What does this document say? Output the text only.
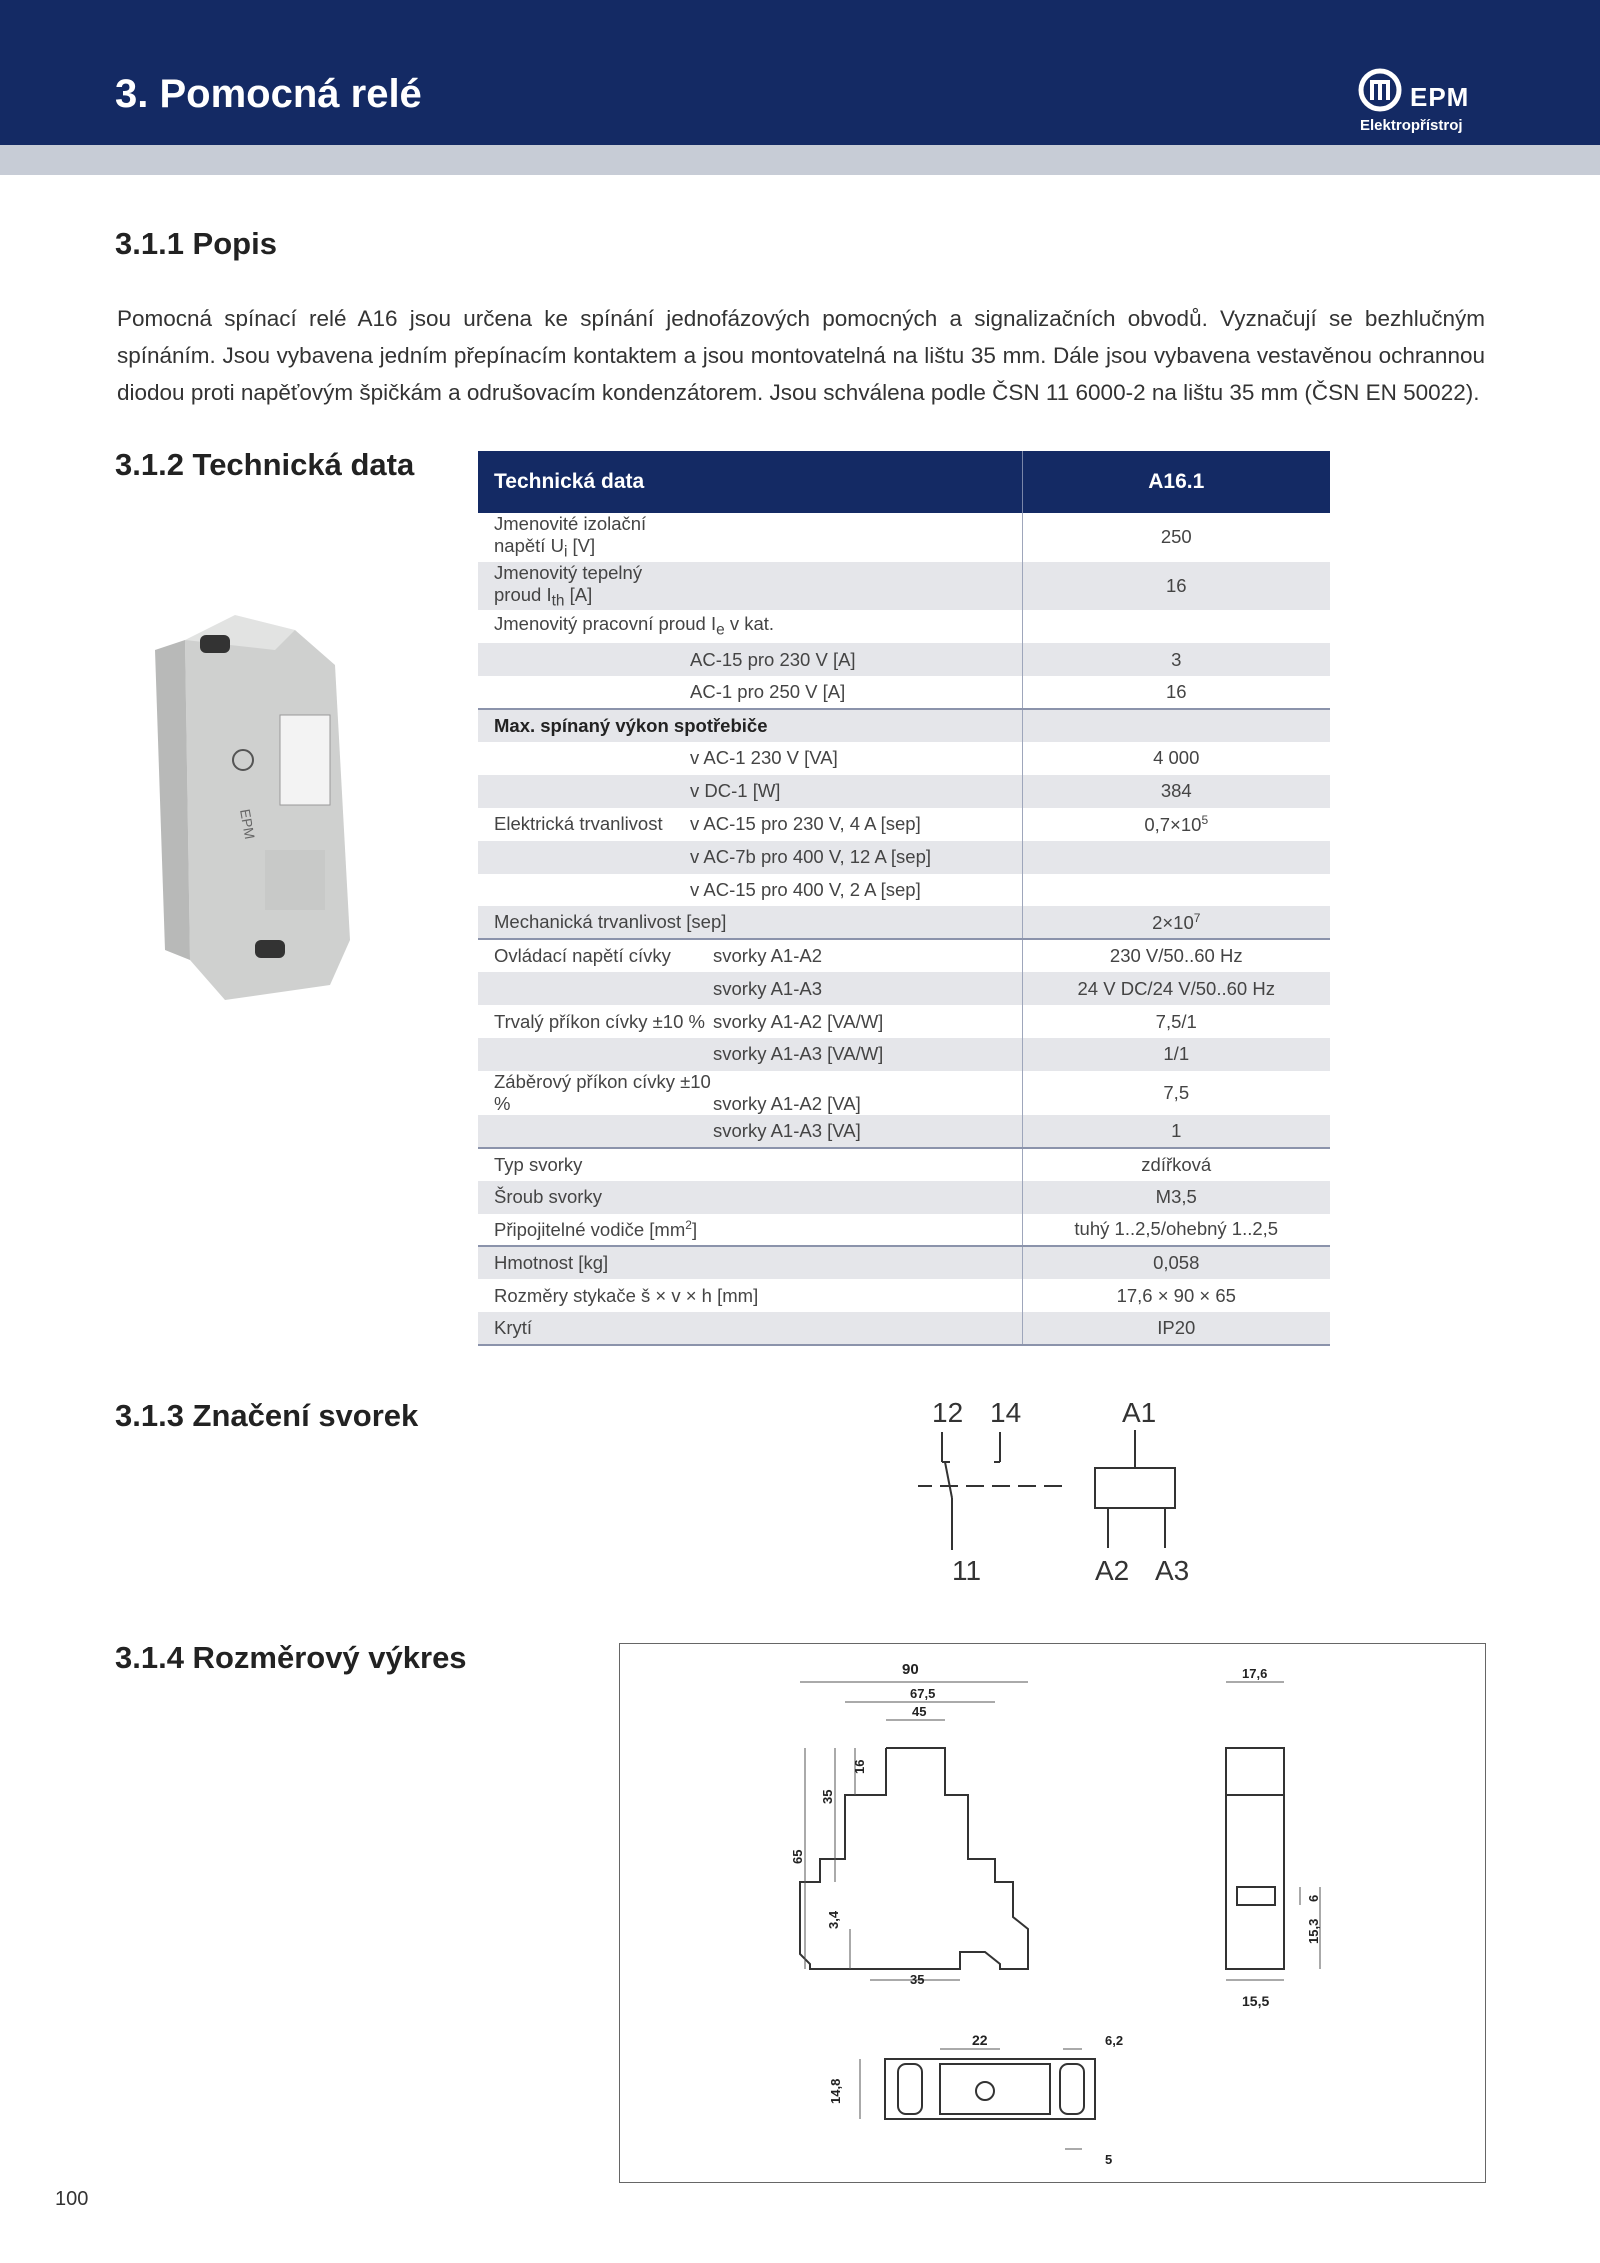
3. Pomocná relé	EPM
Elektropřístroj
3.1.1 Popis
Pomocná spínací relé A16 jsou určena ke spínání jednofázových pomocných a signalizačních obvodů. Vyznačují se bezhlučným spínáním. Jsou vybavena jedním přepínacím kontaktem a jsou montovatelná na lištu 35 mm. Dále jsou vybavena vestavěnou ochrannou diodou proti napěťovým špičkám a odrušovacím kondenzátorem. Jsou schválena podle ČSN 11 6000-2 na lištu 35 mm (ČSN EN 50022).
3.1.2 Technická data
EPM
Technická data	A16.1
Jmenovité izolační napětí $U_i$ [V]	250
Jmenovitý tepelný proud $I_{th}$ [A]	16
Jmenovitý pracovní proud $I_e$ v kat.	
AC-15 pro 230 V [A]	3
AC-1 pro 250 V [A]	16
Max. spínaný výkon spotřebiče	
v AC-1 230 V [VA]	4 000
v DC-1 [W]	384
Elektrická trvanlivost v AC-15 pro 230 V, 4 A [sep]	$0,7\times 10^5$
v AC-7b pro 400 V, 12 A [sep]	
v AC-15 pro 400 V, 2 A [sep]	
Mechanická trvanlivost [sep]	$2\times 10^7$
Ovládací napětí cívky svorky A1-A2	230 V/50..60 Hz
svorky A1-A3	24 V DC/24 V/50..60 Hz
Trvalý příkon cívky ±10 % svorky A1-A2 [VA/W]	7,5/1
svorky A1-A3 [VA/W]	1/1
Záběrový příkon cívky ±10 % svorky A1-A2 [VA]	7,5
svorky A1-A3 [VA]	1
Typ svorky	zdířková
Šroub svorky	M3,5
Připojitelné vodiče $[mm^2]$	tuhý 1..2,5/ohebný 1..2,5
Hmotnost [kg]	0,058
Rozměry stykače š × v × h [mm]	17,6 × 90 × 65
Krytí	IP20
3.1.3 Značení svorek	12 14	A1
11	A2 A3
3.1.4 Rozměrový výkres	90
67,5
45
17,6
16
35
65
3,4
35
6
15,3
15,5
22	6,2
14,8
5
100
